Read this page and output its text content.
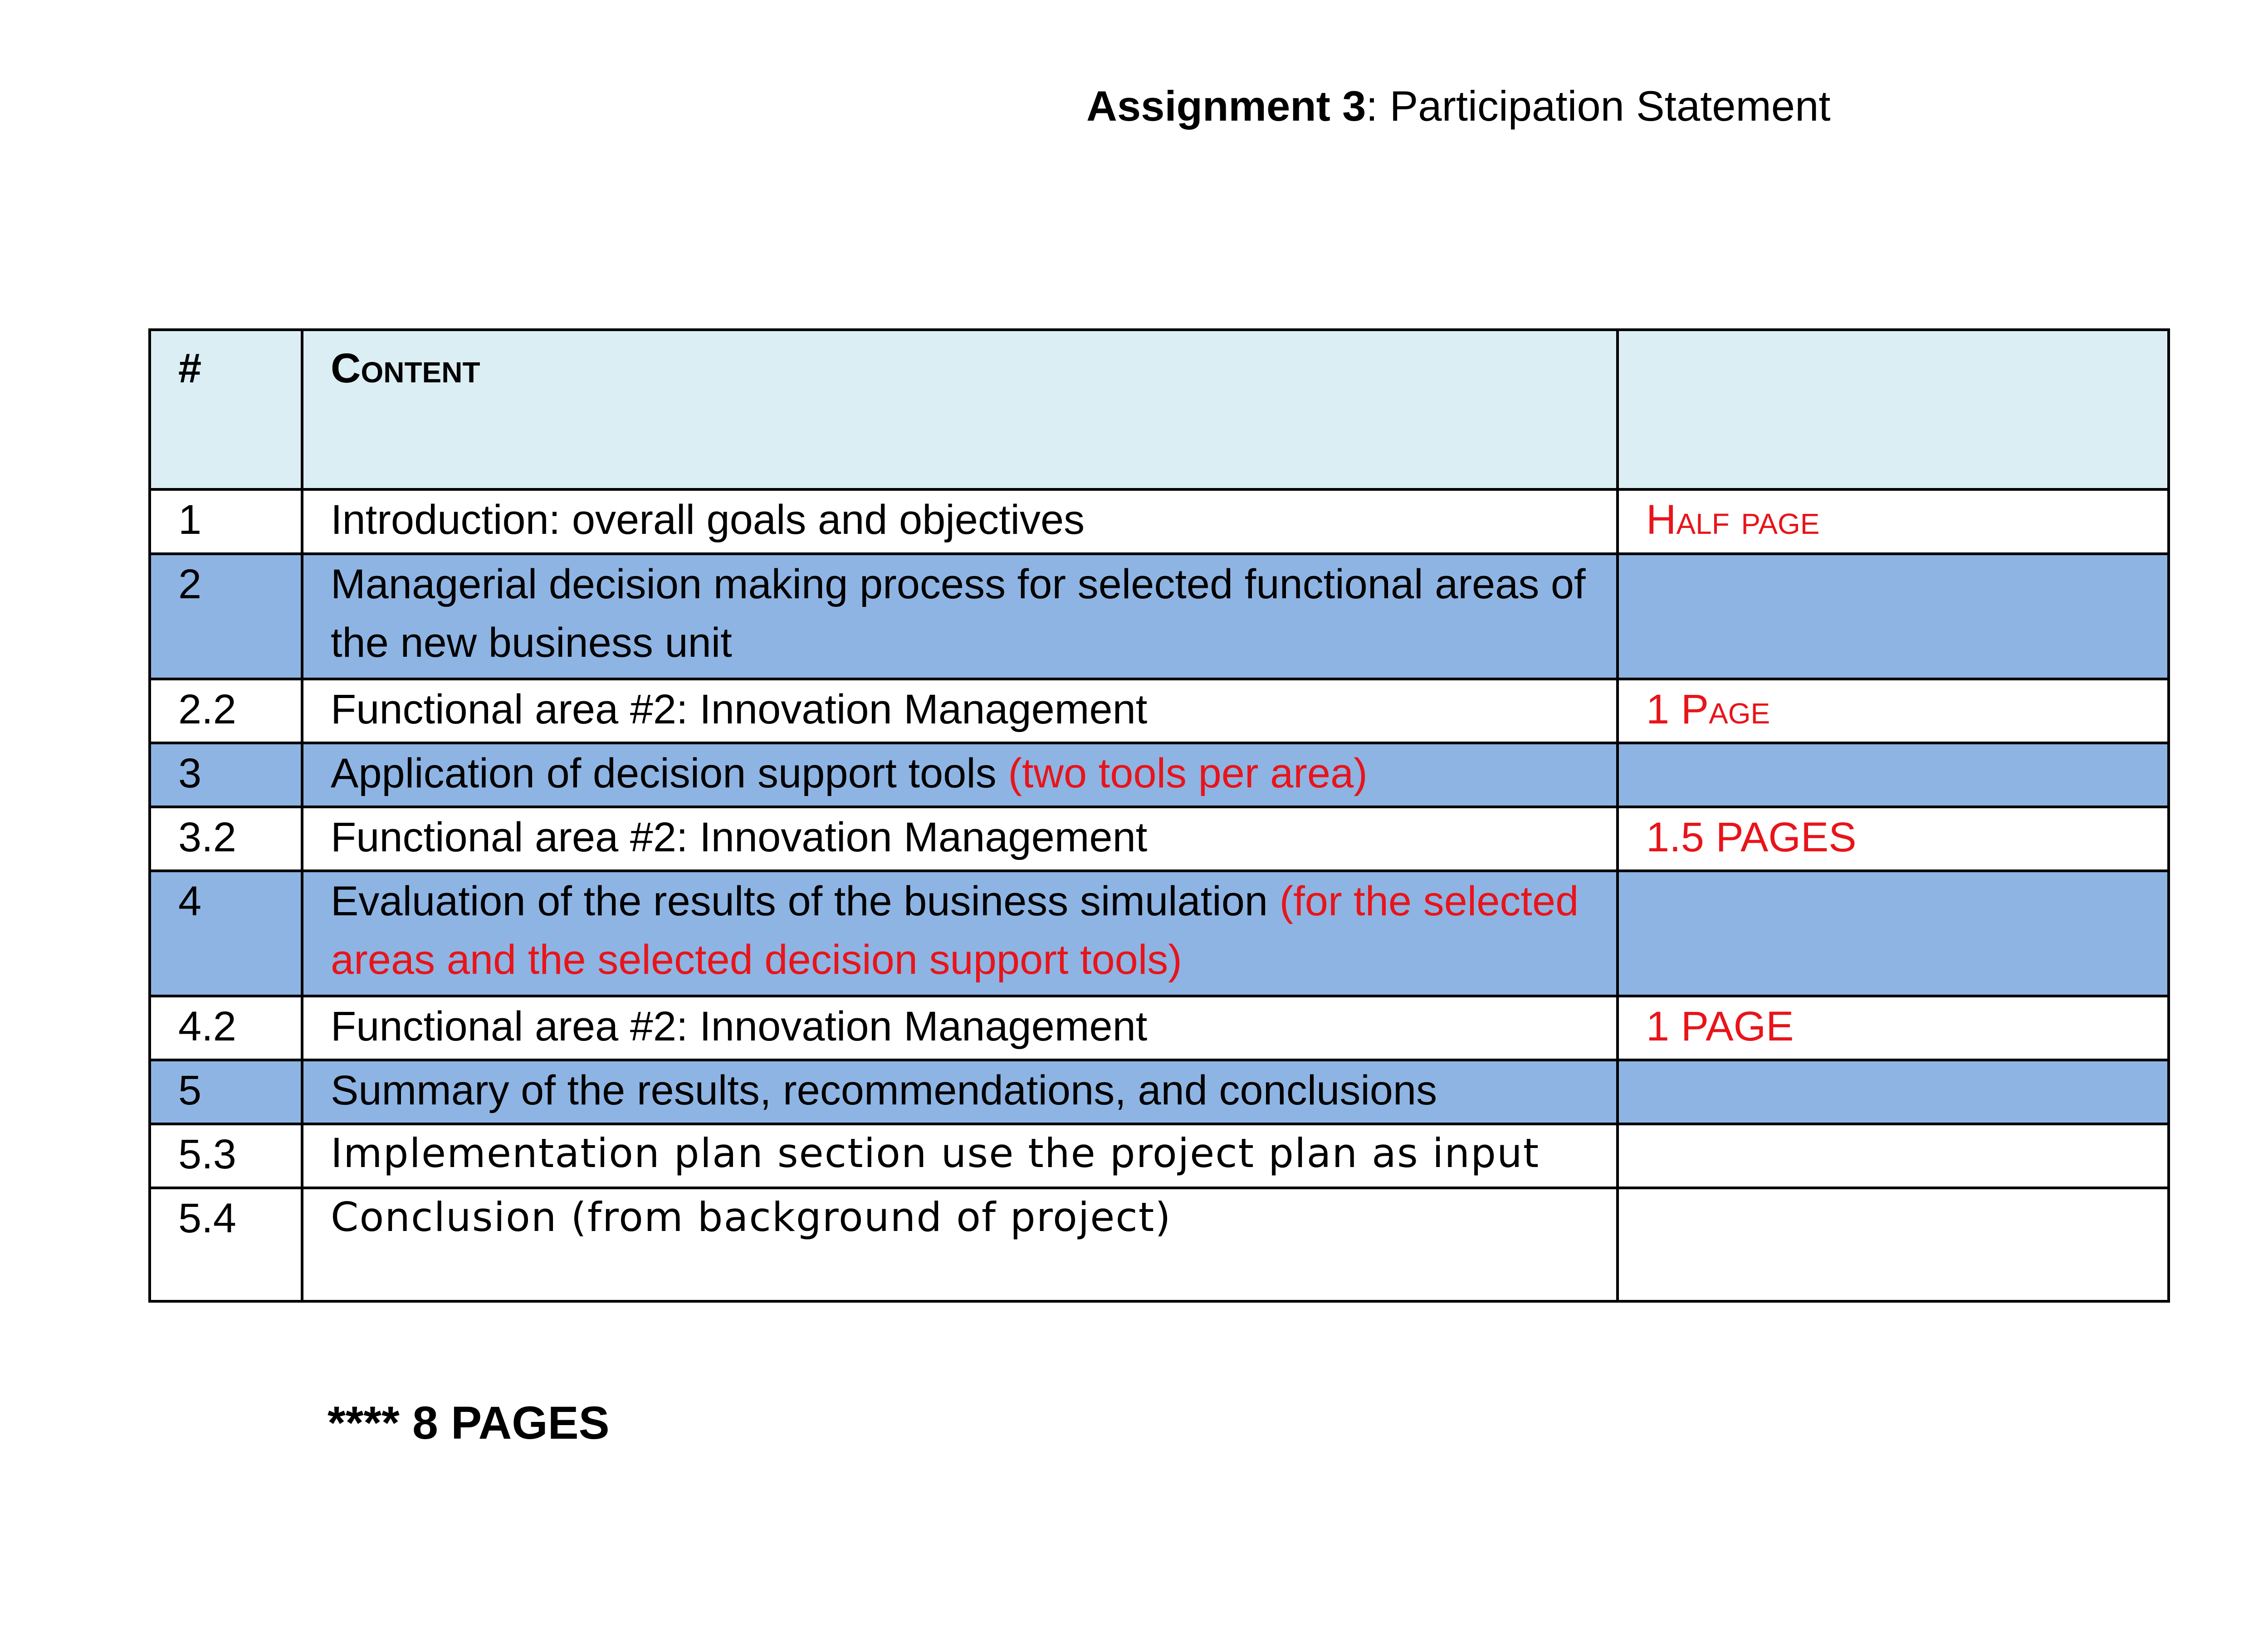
Assignment 3: Participation Statement
#	Content	
1	Introduction: overall goals and objectives	Half page
2	Managerial decision making process for selected functional areas of the new business unit	
2.2	Functional area #2: Innovation Management	1 Page
3	Application of decision support tools (two tools per area)	
3.2	Functional area #2: Innovation Management	1.5 PAGES
4	Evaluation of the results of the business simulation (for the selected areas and the selected decision support tools)	
4.2	Functional area #2: Innovation Management	1 PAGE
5	Summary of the results, recommendations, and conclusions	
5.3	Implementation plan section use the project plan as input	
5.4	Conclusion (from background of project)	
**** 8 PAGES
